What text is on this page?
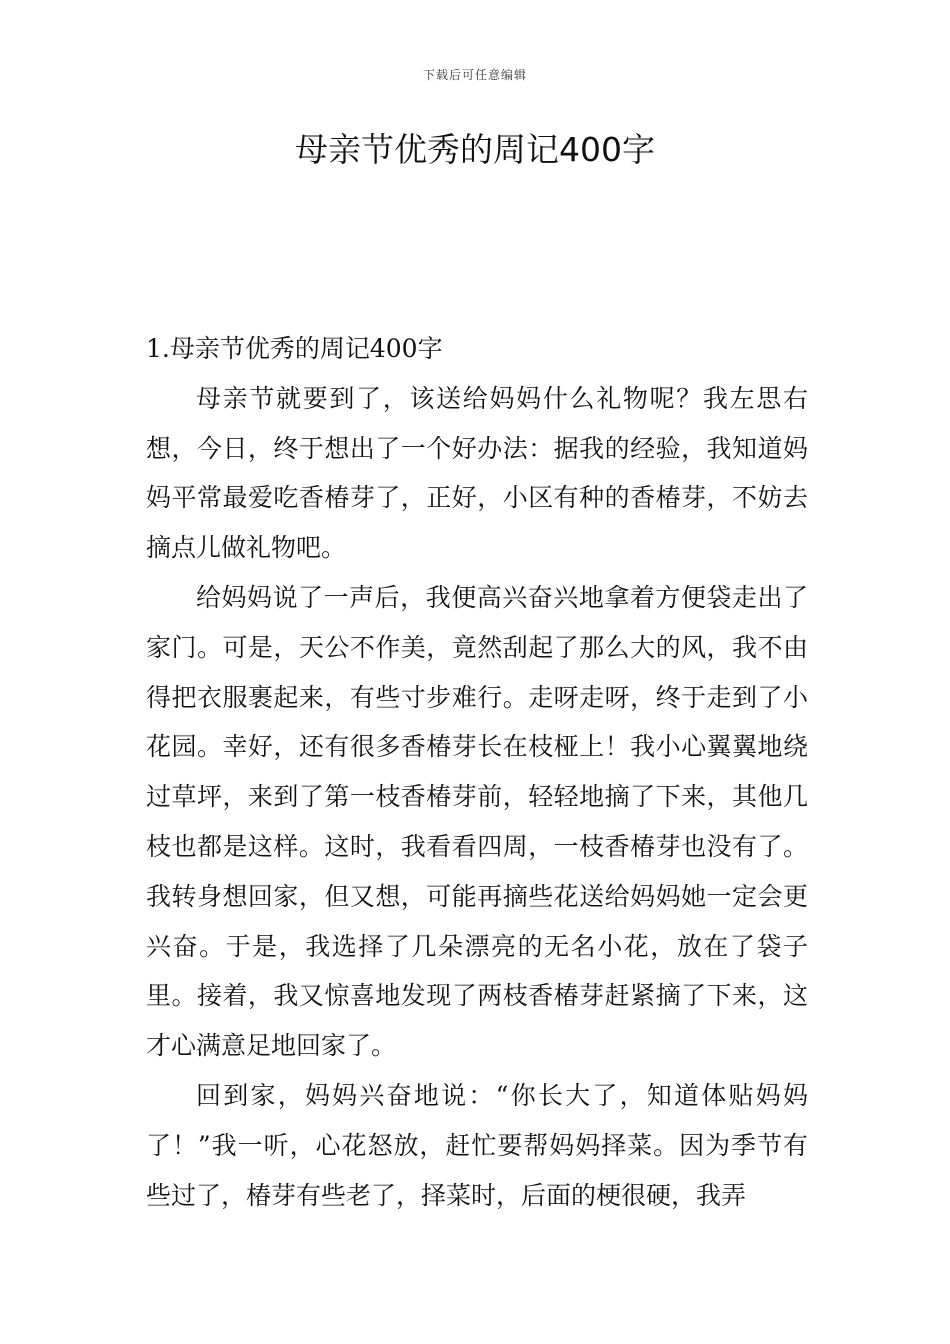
下载后可任意编辑
母亲节优秀的周记400字

1.母亲节优秀的周记400字

母亲节就要到了，该送给妈妈什么礼物呢？我左思右想，今日，终于想出了一个好办法：据我的经验，我知道妈妈平常最爱吃香椿芽了，正好，小区有种的香椿芽，不妨去摘点儿做礼物吧。

给妈妈说了一声后，我便高兴奋兴地拿着方便袋走出了家门。可是，天公不作美，竟然刮起了那么大的风，我不由得把衣服裹起来，有些寸步难行。走呀走呀，终于走到了小花园。幸好，还有很多香椿芽长在枝桠上！我小心翼翼地绕过草坪，来到了第一枝香椿芽前，轻轻地摘了下来，其他几枝也都是这样。这时，我看看四周，一枝香椿芽也没有了。我转身想回家，但又想，可能再摘些花送给妈妈她一定会更兴奋。于是，我选择了几朵漂亮的无名小花，放在了袋子里。接着，我又惊喜地发现了两枝香椿芽赶紧摘了下来，这才心满意足地回家了。

回到家，妈妈兴奋地说：“你长大了，知道体贴妈妈了！”我一听，心花怒放，赶忙要帮妈妈择菜。因为季节有些过了，椿芽有些老了，择菜时，后面的梗很硬，我弄
